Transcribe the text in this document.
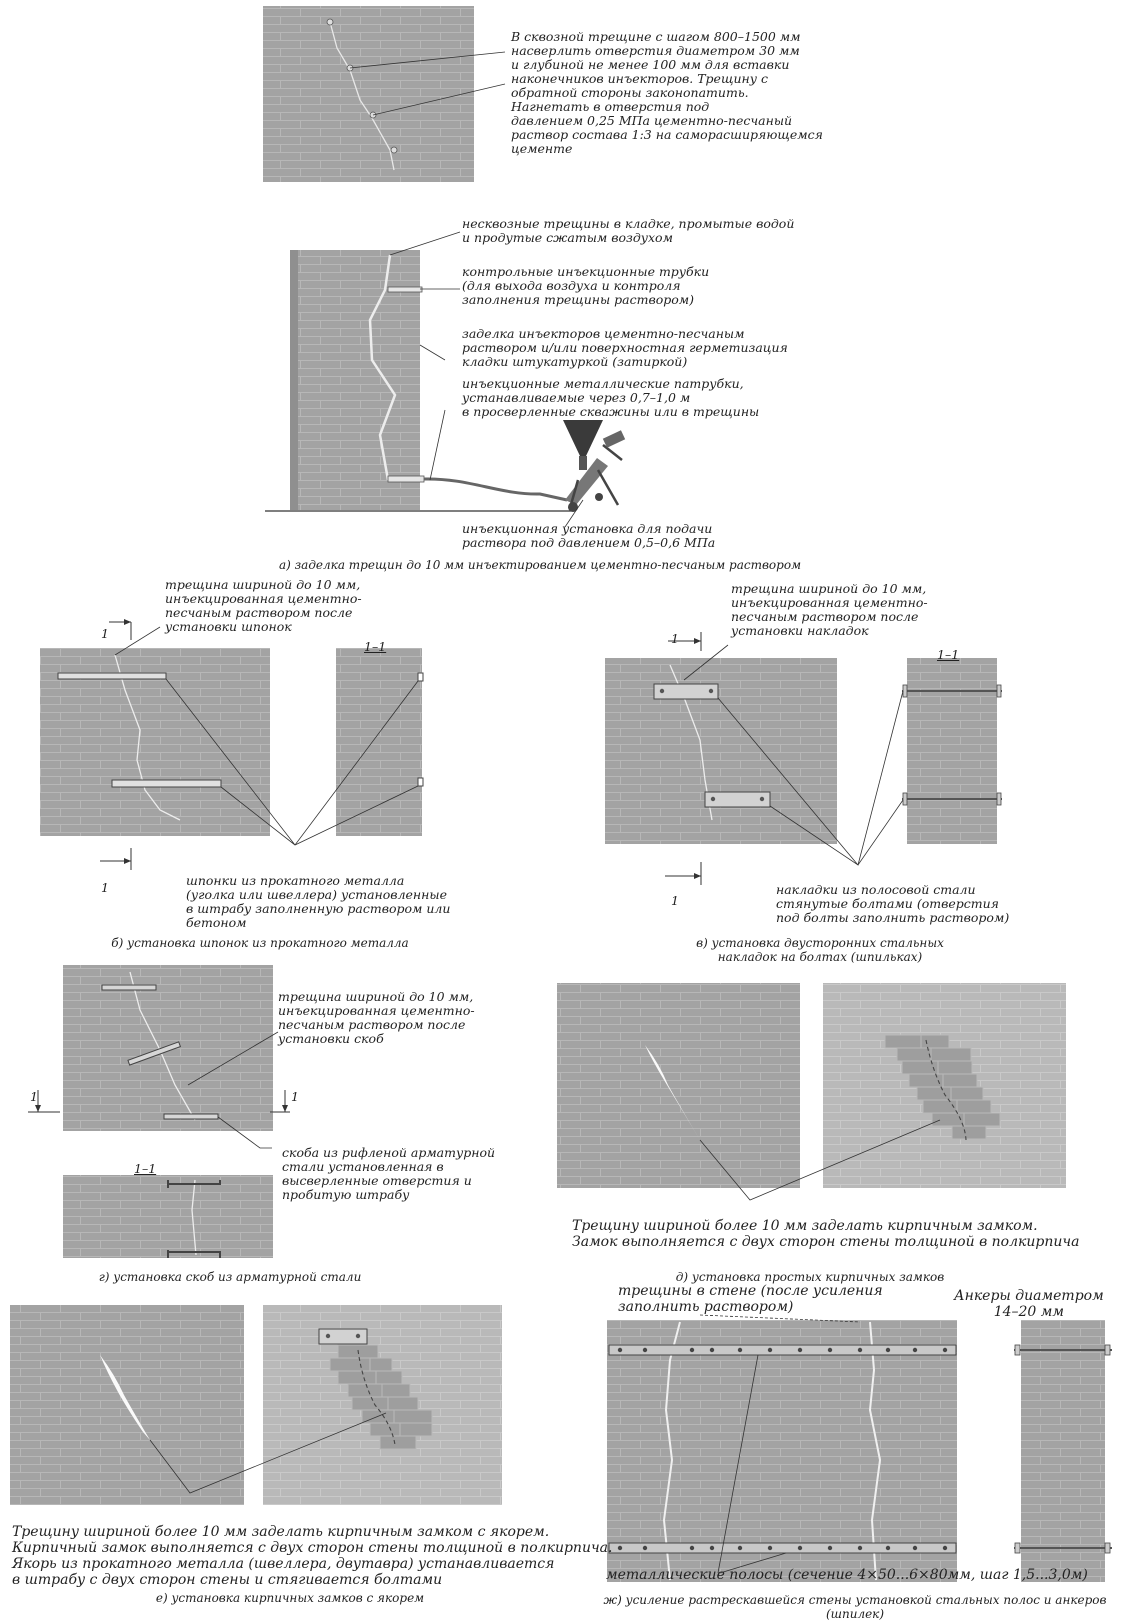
В сквозной трещине с шагом 800–1500 мм
насверлить отверстия диаметром 30 мм
и глубиной не менее 100 мм для вставки
наконечников инъекторов. Трещину с
обратной стороны законопатить.
Нагнетать в отверстия под
давлением 0,25 МПа цементно-песчаный
раствор состава 1:3 на саморасширяющемся
цементе

несквозные трещины в кладке, промытые водой
и продутые сжатым воздухом

контрольные инъекционные трубки
(для выхода воздуха и контроля
заполнения трещины раствором)

заделка инъекторов цементно-песчаным
раствором и/или поверхностная герметизация
кладки штукатуркой (затиркой)

инъекционные металлические патрубки,
устанавливаемые через 0,7–1,0 м
в просверленные скважины или в трещины

инъекционная установка для подачи
раствора под давлением 0,5–0,6 МПа

а) заделка трещин до 10 мм инъектированием цементно-песчаным раствором

трещина шириной до 10 мм,
инъекцированная цементно-
песчаным раствором после
установки шпонок

1
1
1–1

шпонки из прокатного металла
(уголка или швеллера) установленные
в штрабу заполненную раствором или
бетоном

б) установка шпонок из прокатного металла

трещина шириной до 10 мм,
инъекцированная цементно-
песчаным раствором после
установки накладок

1
1
1–1

накладки из полосовой стали
стянутые болтами (отверстия
под болты заполнить раствором)

в) установка двусторонних стальных
накладок на болтах (шпильках)

трещина шириной до 10 мм,
инъекцированная цементно-
песчаным раствором после
установки скоб

1	1
1–1

скоба из рифленой арматурной
стали установленная в
высверленные отверстия и
пробитую штрабу

г) установка скоб из арматурной стали

Трещину шириной более 10 мм заделать кирпичным замком.
Замок выполняется с двух сторон стены толщиной в полкирпича

д) установка простых кирпичных замков

Трещину шириной более 10 мм заделать кирпичным замком с якорем.
Кирпичный замок выполняется с двух сторон стены толщиной в полкирпича.
Якорь из прокатного металла (швеллера, двутавра) устанавливается
в штрабу с двух сторон стены и стягивается болтами

е) установка кирпичных замков с якорем

трещины в стене (после усиления
заполнить раствором)

Анкеры диаметром
14–20 мм

металлические полосы (сечение 4×50...6×80мм, шаг 1,5...3,0м)

ж) усиление растрескавшейся стены установкой стальных полос и анкеров (шпилек)
